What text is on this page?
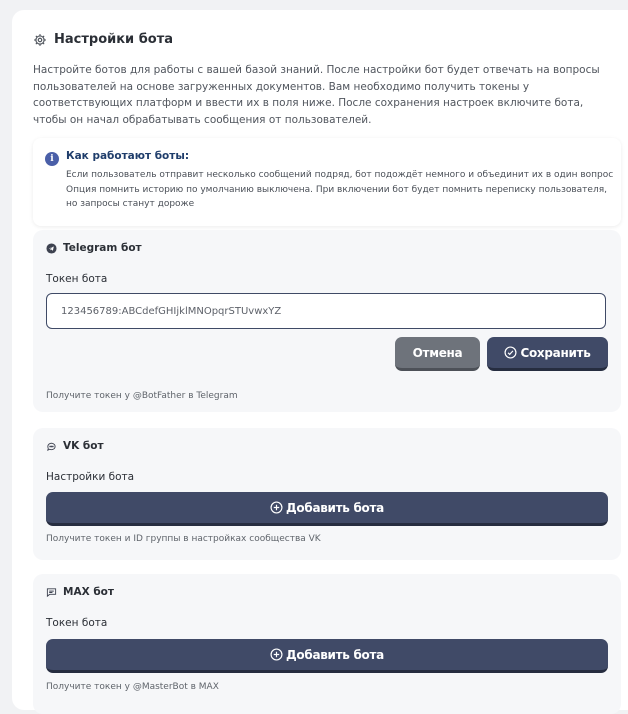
Настройки бота
Настройте ботов для работы с вашей базой знаний. После настройки бот будет отвечать на вопросы пользователей на основе загруженных документов. Вам необходимо получить токены у соответствующих платформ и ввести их в поля ниже. После сохранения настроек включите бота, чтобы он начал обрабатывать сообщения от пользователей.
i	Как работают боты:
Если пользователь отправит несколько сообщений подряд, бот подождёт немного и объединит их в один вопрос
Опция помнить историю по умолчанию выключена. При включении бот будет помнить переписку пользователя, но запросы станут дороже
Telegram бот
Токен бота
123456789:ABCdefGHIjklMNOpqrSTUvwxYZ
Отмена	Сохранить
Получите токен у @BotFather в Telegram
VK бот
Настройки бота
Добавить бота
Получите токен и ID группы в настройках сообщества VK
MAX бот
Токен бота
Добавить бота
Получите токен у @MasterBot в MAX
